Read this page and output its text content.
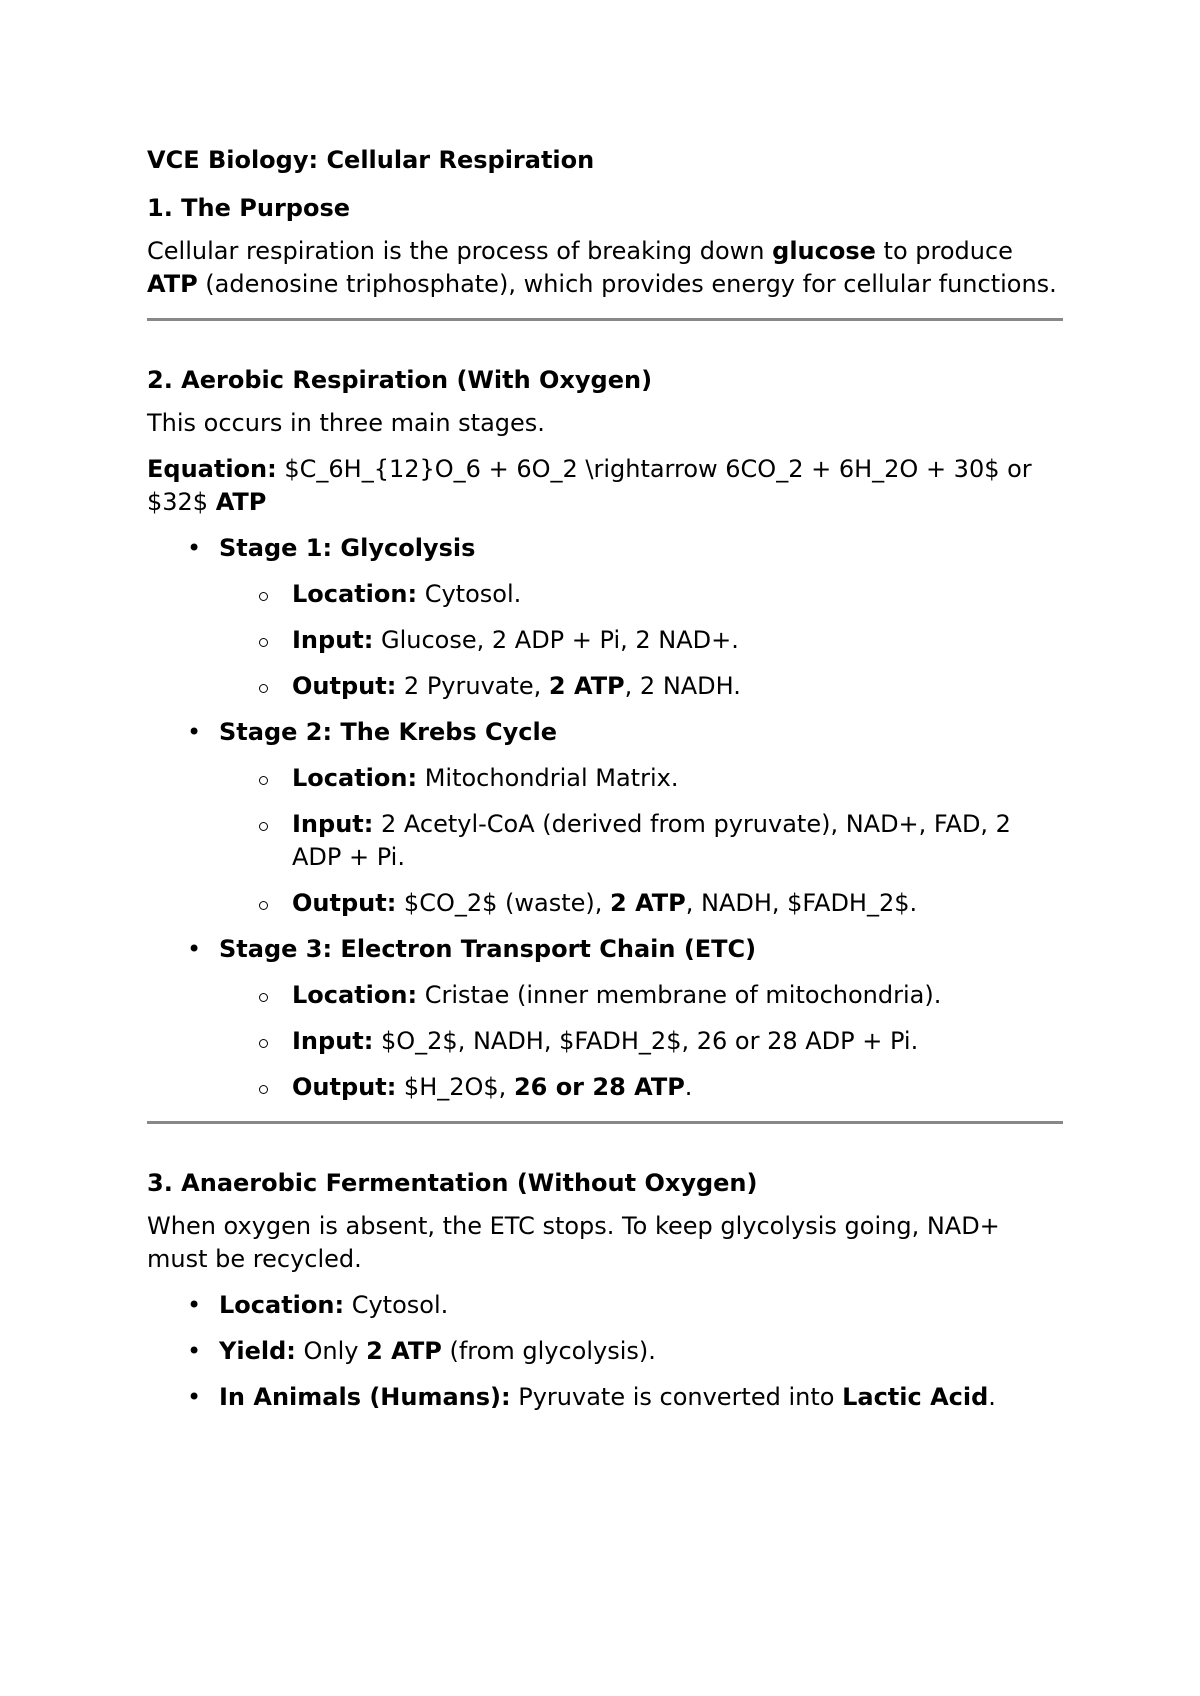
VCE Biology: Cellular Respiration

1. The Purpose

Cellular respiration is the process of breaking down glucose to produce ATP (adenosine triphosphate), which provides energy for cellular functions.

2. Aerobic Respiration (With Oxygen)

This occurs in three main stages.

Equation: $C_6H_{12}O_6 + 6O_2 \rightarrow 6CO_2 + 6H_2O + 30$ or $32$ ATP

• Stage 1: Glycolysis
Location: Cytosol.
Input: Glucose, 2 ADP + Pi, 2 NAD+.
Output: 2 Pyruvate, 2 ATP, 2 NADH.
• Stage 2: The Krebs Cycle
Location: Mitochondrial Matrix.
Input: 2 Acetyl-CoA (derived from pyruvate), NAD+, FAD, 2 ADP + Pi.
Output: $CO_2$ (waste), 2 ATP, NADH, $FADH_2$.
• Stage 3: Electron Transport Chain (ETC)
Location: Cristae (inner membrane of mitochondria).
Input: $O_2$, NADH, $FADH_2$, 26 or 28 ADP + Pi.
Output: $H_2O$, 26 or 28 ATP.

3. Anaerobic Fermentation (Without Oxygen)

When oxygen is absent, the ETC stops. To keep glycolysis going, NAD+ must be recycled.

• Location: Cytosol.
• Yield: Only 2 ATP (from glycolysis).
• In Animals (Humans): Pyruvate is converted into Lactic Acid.
